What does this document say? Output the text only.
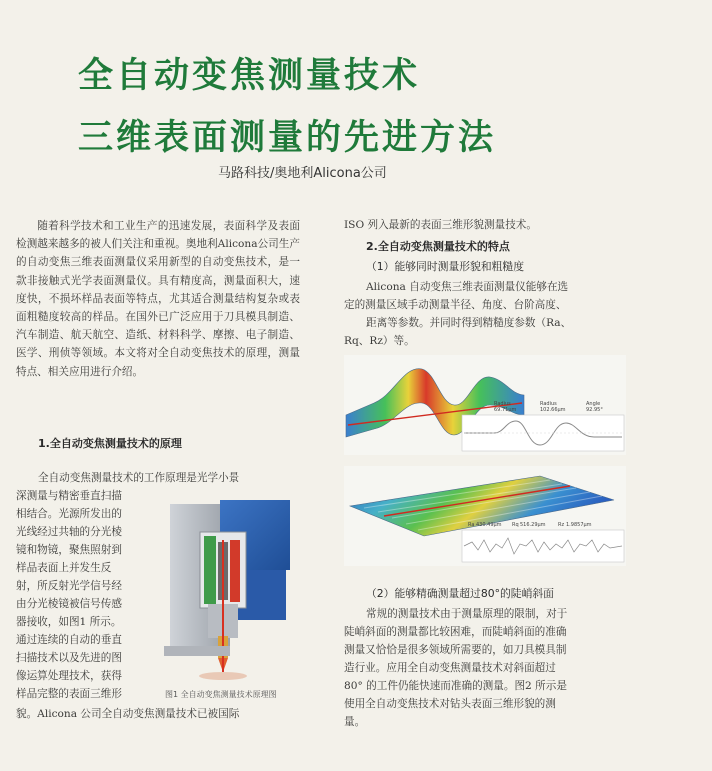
全自动变焦测量技术
三维表面测量的先进方法
马路科技/奥地利Alicona公司

随着科学技术和工业生产的迅速发展，表面科学及表面检测越来越多的被人们关注和重视。奥地利Alicona公司生产的自动变焦三维表面测量仪采用新型的自动变焦技术，是一款非接触式光学表面测量仪。具有精度高，测量面积大，速度快，不损坏样品表面等特点，尤其适合测量结构复杂或表面粗糙度较高的样品。在国外已广泛应用于刀具模具制造、汽车制造、航天航空、造纸、材料科学、摩擦、电子制造、医学、刑侦等领域。本文将对全自动变焦技术的原理，测量特点、相关应用进行介绍。

1.全自动变焦测量技术的原理
全自动变焦测量技术的工作原理是光学小景
深测量与精密垂直扫描
相结合。光源所发出的
光线经过共轴的分光棱
镜和物镜，聚焦照射到
样品表面上并发生反
射，所反射光学信号经
由分光棱镜被信号传感
器接收，如图1 所示。
通过连续的自动的垂直
扫描技术以及先进的图
像运算处理技术，获得
样品完整的表面三维形
貌。Alicona 公司全自动变焦测量技术已被国际
图1 全自动变焦测量技术原理图
ISO 列入最新的表面三维形貌测量技术。
2.全自动变焦测量技术的特点
（1）能够同时测量形貌和粗糙度
Alicona 自动变焦三维表面测量仪能够在选
定的测量区域手动测量半径、角度、台阶高度、
距离等参数。并同时得到精糙度参数（Ra、
Rq、Rz）等。
Radius
69.71µm
Radius
102.66µm
Angle
92.95°
Ra 430.49µm Rq 516.29µm Rz 1.9857µm
（2）能够精确测量超过80°的陡峭斜面
常规的测量技术由于测量原理的限制，对于
陡峭斜面的测量都比较困难，而陡峭斜面的准确
测量又恰恰是很多领域所需要的，如刀具模具制
造行业。应用全自动变焦测量技术对斜面超过
80° 的工件仍能快速而准确的测量。图2 所示是
使用全自动变焦技术对钻头表面三维形貌的测
量。
